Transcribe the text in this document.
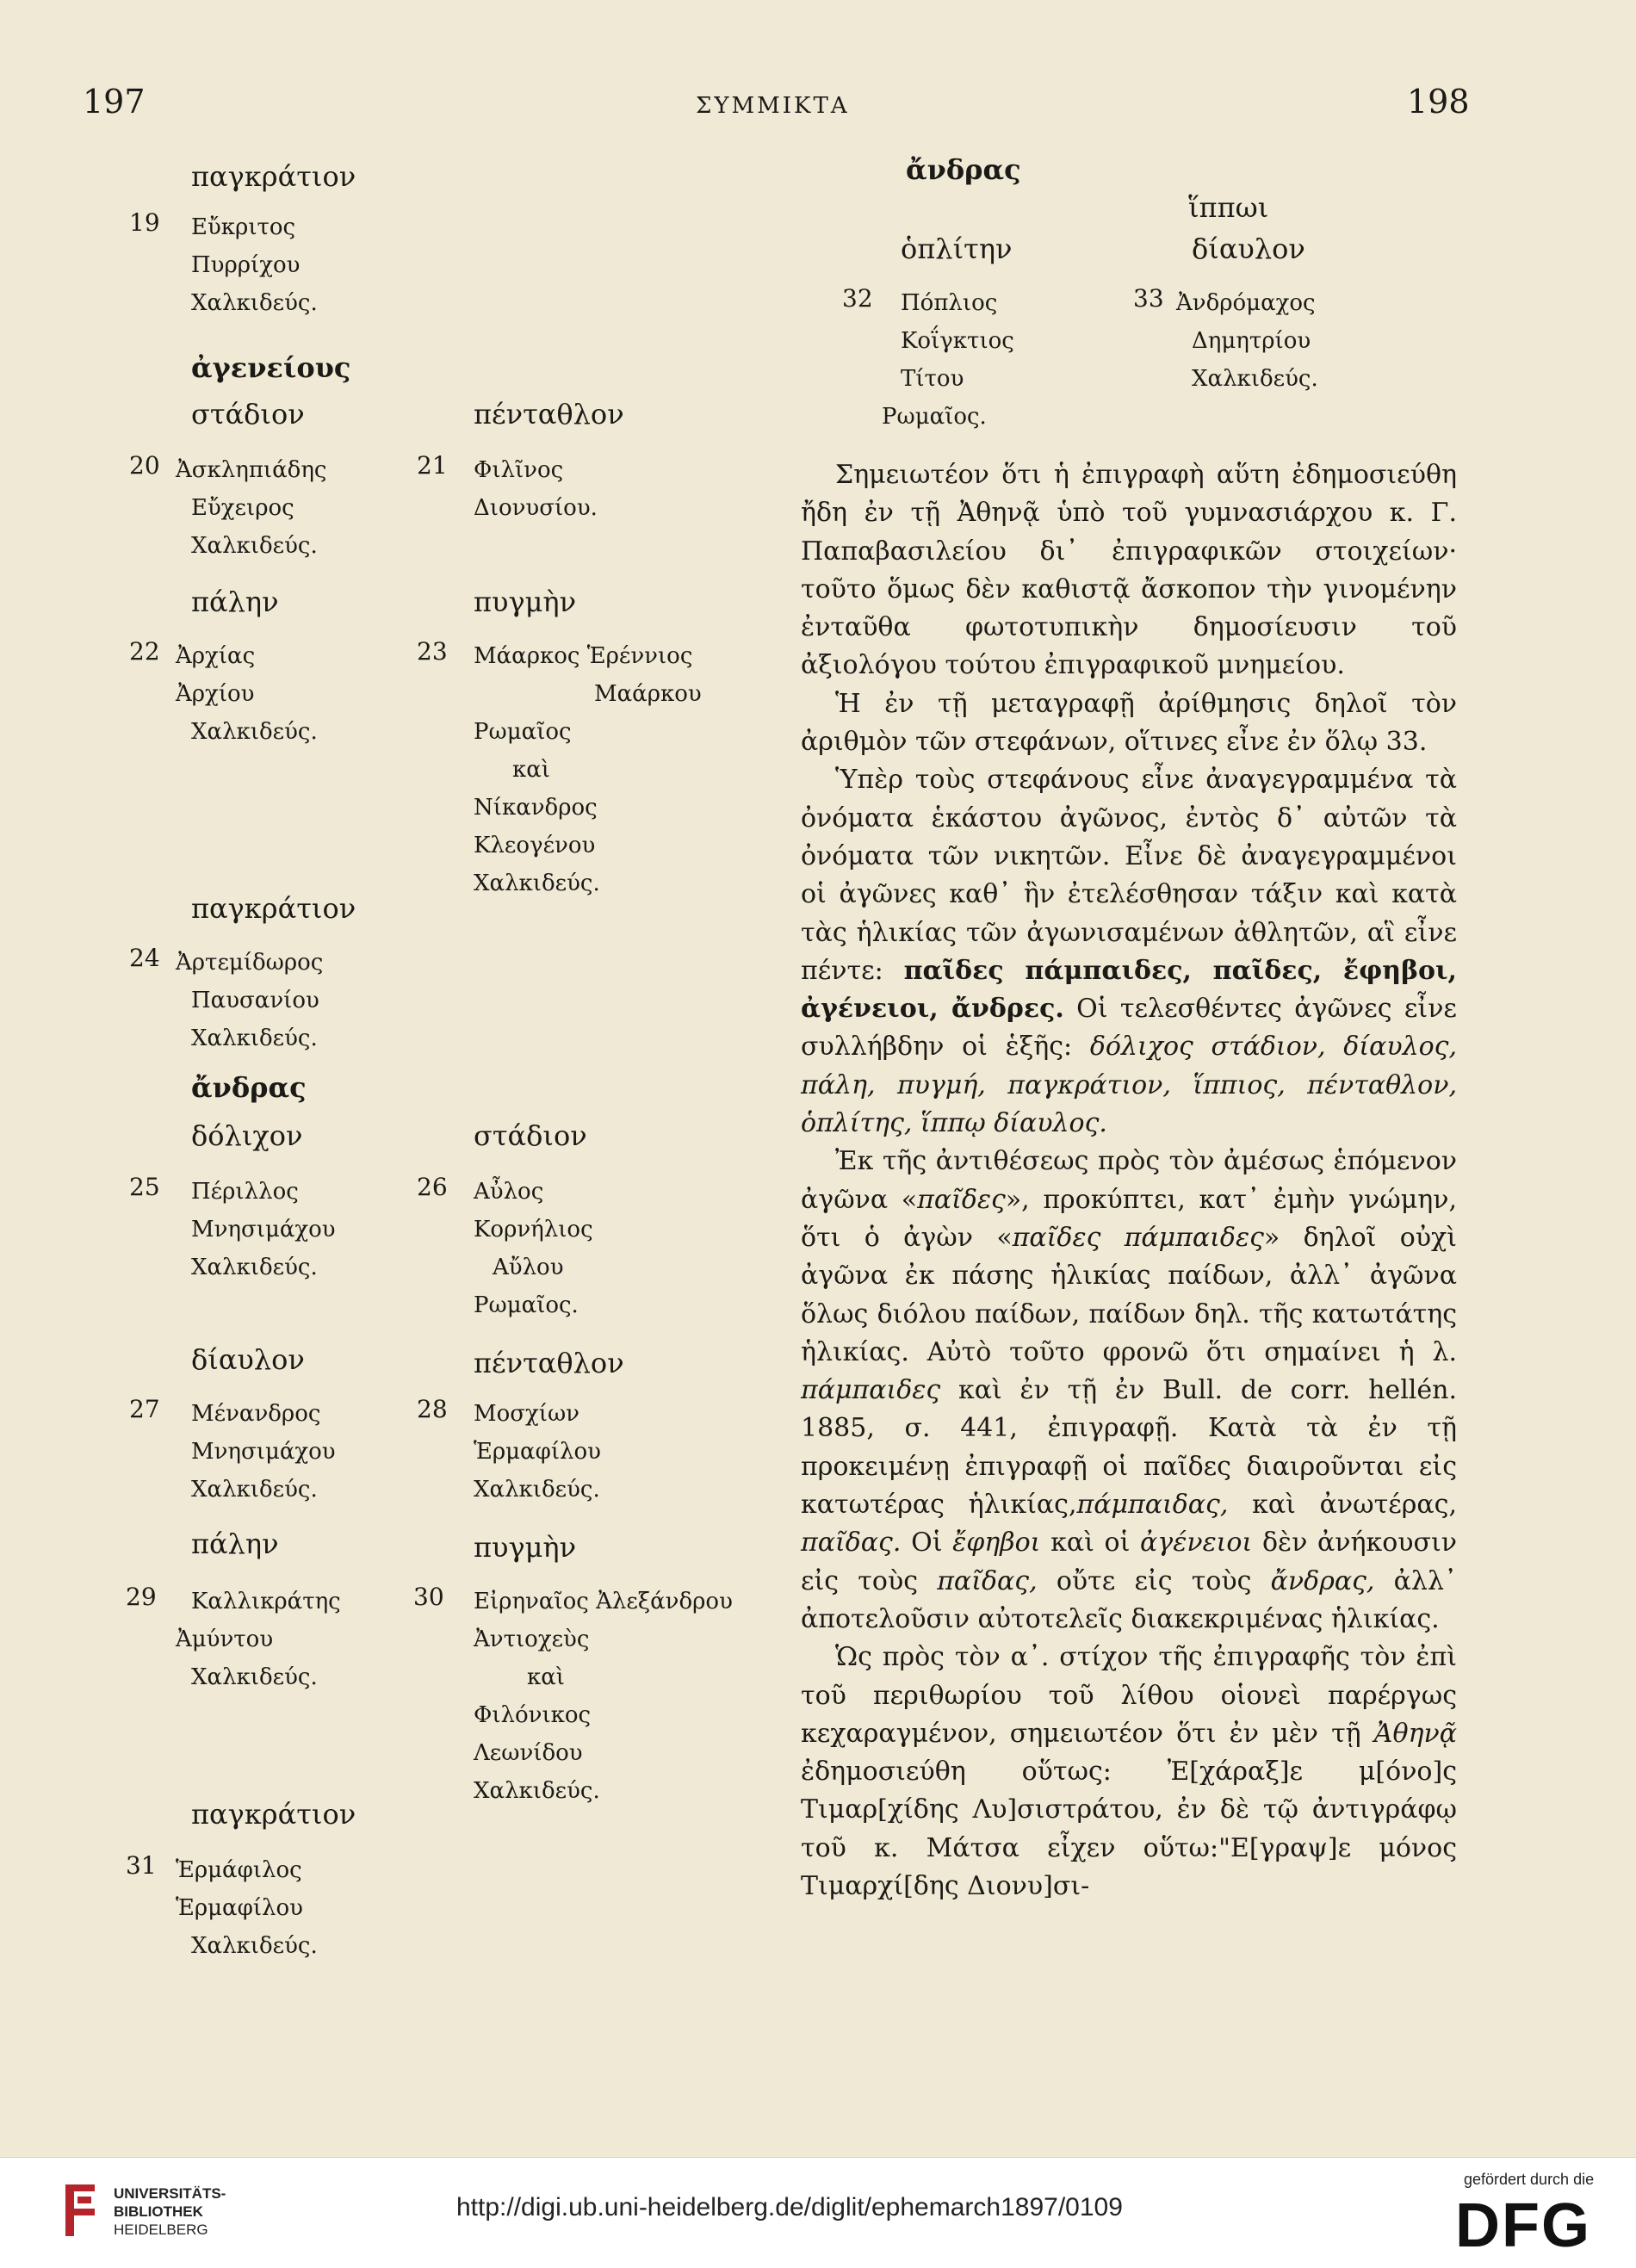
197	ΣΥΜΜΙΚΤΑ	198
παγκράτιον
19 Εὔκριτος
Πυρρίχου
Χαλκιδεύς.
ἀγενείους
στάδιον	πένταθλον
20 Ἀσκληπιάδης
Εὔχειρος
Χαλκιδεύς.
21 Φιλῖνος
Διονυσίου.
πάλην	πυγμὴν
22 Ἀρχίας
Ἀρχίου
Χαλκιδεύς.
23 Μάαρκος Ἑρέννιος
Μαάρκου
Ρωμαῖος
καὶ
Νίκανδρος
Κλεογένου
Χαλκιδεύς.
παγκράτιον
24 Ἀρτεμίδωρος
Παυσανίου
Χαλκιδεύς.
ἄνδρας
δόλιχον	στάδιον
25 Πέριλλος
Μνησιμάχου
Χαλκιδεύς.
26 Αὖλος
Κορνήλιος
Αὔλου
Ρωμαῖος.
δίαυλον	πένταθλον
27 Μένανδρος
Μνησιμάχου
Χαλκιδεύς.
28 Μοσχίων
Ἑρμαφίλου
Χαλκιδεύς.
πάλην	πυγμὴν
29 Καλλικράτης
Ἀμύντου
Χαλκιδεύς.
30 Εἰρηναῖος Ἀλεξάνδρου
Ἀντιοχεὺς
καὶ
Φιλόνικος
Λεωνίδου
Χαλκιδεύς.
παγκράτιον
31 Ἑρμάφιλος
Ἑρμαφίλου
Χαλκιδεύς.
ἄνδρας
ἵππωι
ὁπλίτην	δίαυλον
32 Πόπλιος
Κοΐγκτιος
Τίτου
Ρωμαῖος.
33 Ἀνδρόμαχος
Δημητρίου
Χαλκιδεύς.

Σημειωτέον ὅτι ἡ ἐπιγραφὴ αὕτη ἐδημοσιεύθη ἤδη ἐν τῇ Ἀθηνᾷ ὑπὸ τοῦ γυμνασιάρχου κ. Γ. Παπαβασιλείου δι᾽ ἐπιγραφικῶν στοιχείων· τοῦτο ὅμως δὲν καθιστᾷ ἄσκοπον τὴν γινομένην ἐνταῦθα φωτοτυπικὴν δημοσίευσιν τοῦ ἀξιολόγου τούτου ἐπιγραφικοῦ μνημείου.

Ἡ ἐν τῇ μεταγραφῇ ἀρίθμησις δηλοῖ τὸν ἀριθμὸν τῶν στεφάνων, οἵτινες εἶνε ἐν ὅλῳ 33.

Ὑπὲρ τοὺς στεφάνους εἶνε ἀναγεγραμμένα τὰ ὀνόματα ἑκάστου ἀγῶνος, ἐντὸς δ᾽ αὐτῶν τὰ ὀνόματα τῶν νικητῶν. Εἶνε δὲ ἀναγεγραμμένοι οἱ ἀγῶνες καθ᾽ ἣν ἐτελέσθησαν τάξιν καὶ κατὰ τὰς ἡλικίας τῶν ἀγωνισαμένων ἀθλητῶν, αἳ εἶνε πέντε: παῖδες πάμπαιδες, παῖδες, ἔφηβοι, ἀγένειοι, ἄνδρες. Οἱ τελεσθέντες ἀγῶνες εἶνε συλλήβδην οἱ ἑξῆς: δόλιχος στάδιον, δίαυλος, πάλη, πυγμή, παγκράτιον, ἵππιος, πένταθλον, ὁπλίτης, ἵππῳ δίαυλος.

Ἐκ τῆς ἀντιθέσεως πρὸς τὸν ἀμέσως ἑπόμενον ἀγῶνα «παῖδες», προκύπτει, κατ᾽ ἐμὴν γνώμην, ὅτι ὁ ἀγὼν «παῖδες πάμπαιδες» δηλοῖ οὐχὶ ἀγῶνα ἐκ πάσης ἡλικίας παίδων, ἀλλ᾽ ἀγῶνα ὅλως διόλου παίδων, παίδων δηλ. τῆς κατωτάτης ἡλικίας. Αὐτὸ τοῦτο φρονῶ ὅτι σημαίνει ἡ λ. πάμπαιδες καὶ ἐν τῇ ἐν Bull. de corr. hellén. 1885, σ. 441, ἐπιγραφῇ. Κατὰ τὰ ἐν τῇ προκειμένῃ ἐπιγραφῇ οἱ παῖδες διαιροῦνται εἰς κατωτέρας ἡλικίας,πάμπαιδας, καὶ ἀνωτέρας, παῖδας. Οἱ ἔφηβοι καὶ οἱ ἀγένειοι δὲν ἀνήκουσιν εἰς τοὺς παῖδας, οὔτε εἰς τοὺς ἄνδρας, ἀλλ᾽ ἀποτελοῦσιν αὐτοτελεῖς διακεκριμένας ἡλικίας.

Ὡς πρὸς τὸν α᾽. στίχον τῆς ἐπιγραφῆς τὸν ἐπὶ τοῦ περιθωρίου τοῦ λίθου οἱονεὶ παρέργως κεχαραγμένον, σημειωτέον ὅτι ἐν μὲν τῇ Ἀθηνᾷ ἐδημοσιεύθη οὕτως: Ἐ[χάραξ]ε μ[όνο]ς Τιμαρ[χίδης Λυ]σιστράτου, ἐν δὲ τῷ ἀντιγράφῳ τοῦ κ. Μάτσα εἶχεν οὕτω:"Ε[γραψ]ε μόνος Τιμαρχί[δης Διονυ]σι-

UNIVERSITÄTS-
BIBLIOTHEK
HEIDELBERG
http://digi.ub.uni-heidelberg.de/diglit/ephemarch1897/0109
gefördert durch die
DFG
